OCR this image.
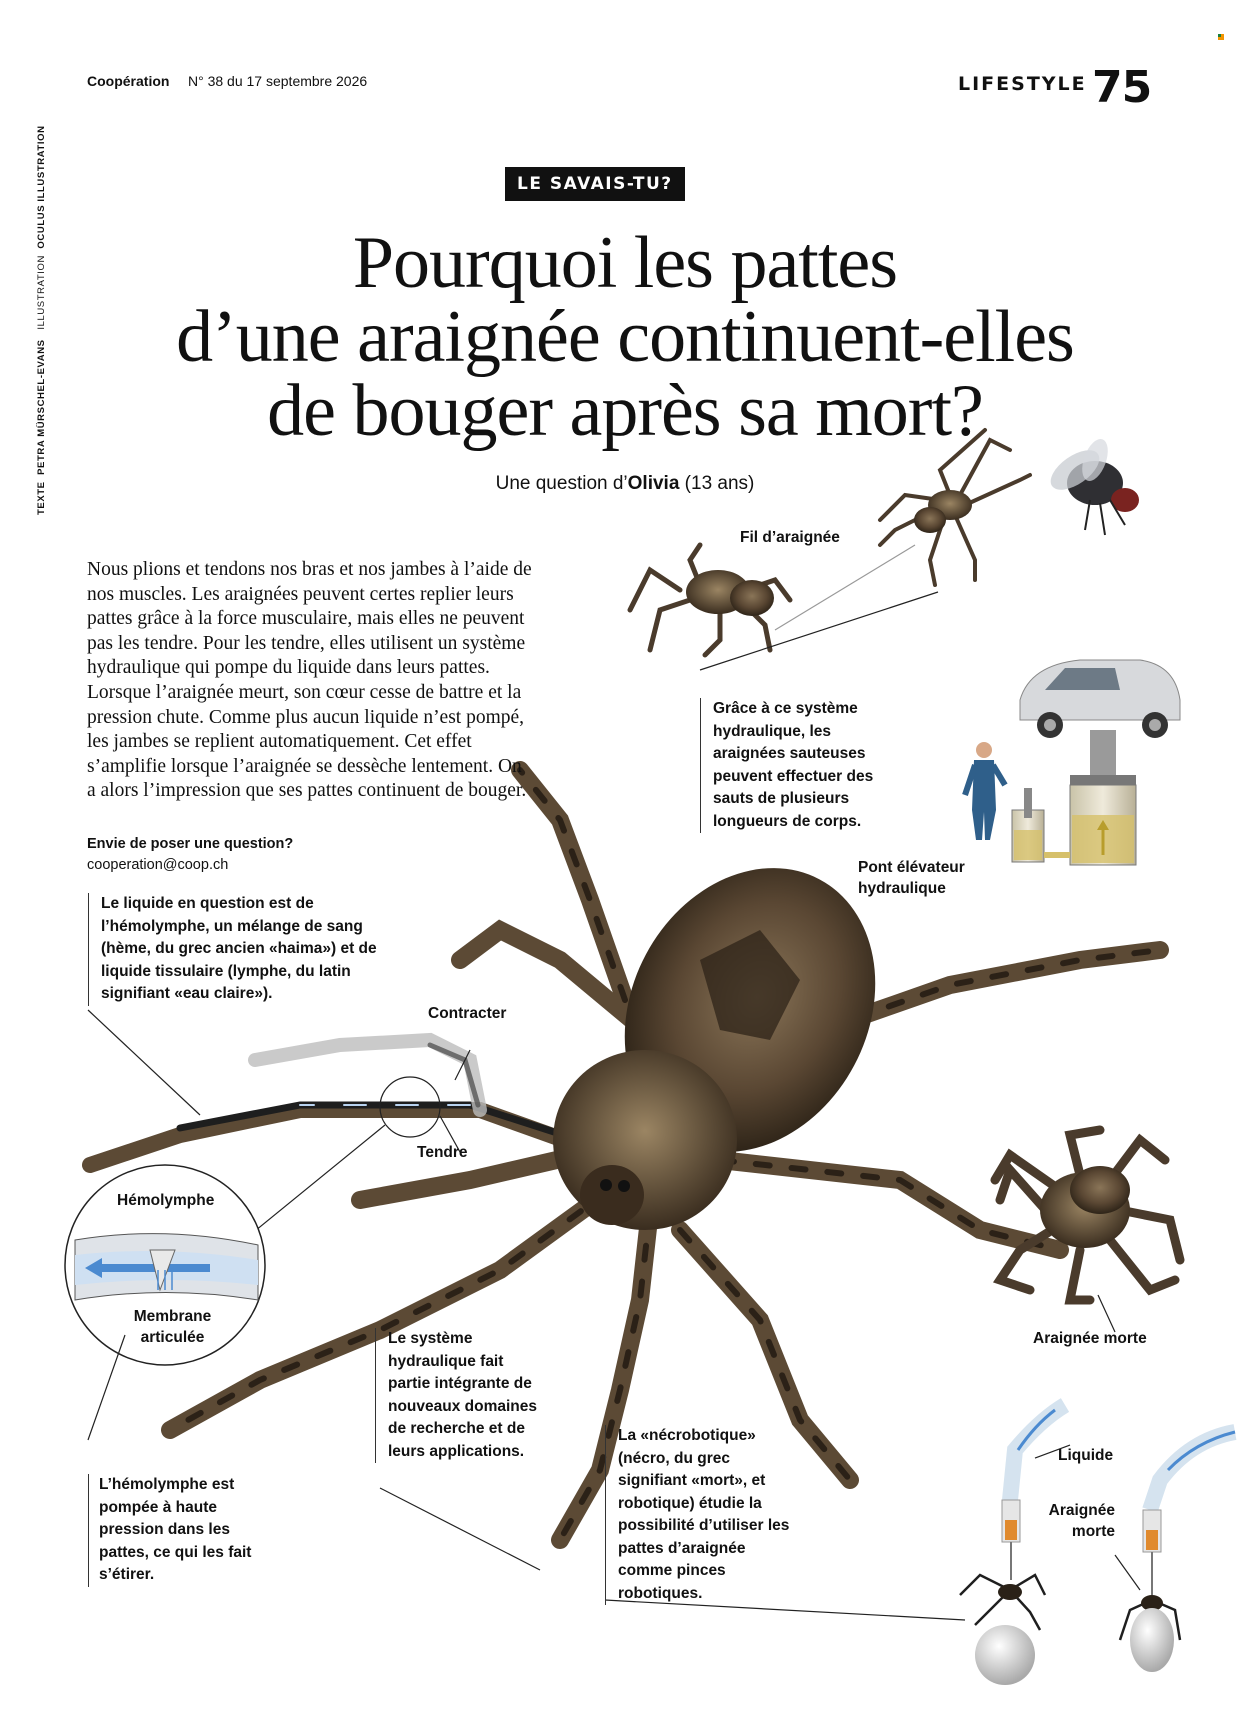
Coopération N° 38 du 17 septembre 2026	LIFESTYLE 75
TEXTE  PETRA MÜRSCHEL-EVANS   ILLUSTRATION  OCULUS ILLUSTRATION	LE SAVAIS-TU?
Pourquoi les pattes
d’une araignée continuent-elles
de bouger après sa mort?
Une question d’Olivia (13 ans)
Nous plions et tendons nos bras et nos jambes à l’aide de nos muscles. Les araignées peuvent certes replier leurs pattes grâce à la force musculaire, mais elles ne peuvent pas les tendre. Pour les tendre, elles utilisent un système hydraulique qui pompe du liquide dans leurs pattes. Lorsque l’araignée meurt, son cœur cesse de battre et la pression chute. Comme plus aucun liquide n’est pompé, les jambes se replient automatiquement. Cet effet s’amplifie lorsque l’araignée se dessèche lentement. On a alors l’impression que ses pattes continuent de bouger.
Envie de poser une question?
cooperation@coop.ch
Le liquide en question est de l’hémolymphe, un mélange de sang (hème, du grec ancien «haima») et de liquide tissulaire (lymphe, du latin signifiant «eau claire»).
Grâce à ce système hydraulique, les araignées sauteuses peuvent effectuer des sauts de plusieurs longueurs de corps.
L’hémolymphe est pompée à haute pression dans les pattes, ce qui les fait s’étirer.
Le système hydraulique fait partie intégrante de nouveaux domaines de recherche et de leurs applications.
La «nécrobotique» (nécro, du grec signifiant «mort», et robotique) étudie la possibilité d’utiliser les pattes d’araignée comme pinces robotiques.
Fil d’araignée
Pont élévateur hydraulique
Contracter
Tendre
Hémolymphe
Membrane articulée	Araignée morte
Liquide
Araignée morte
